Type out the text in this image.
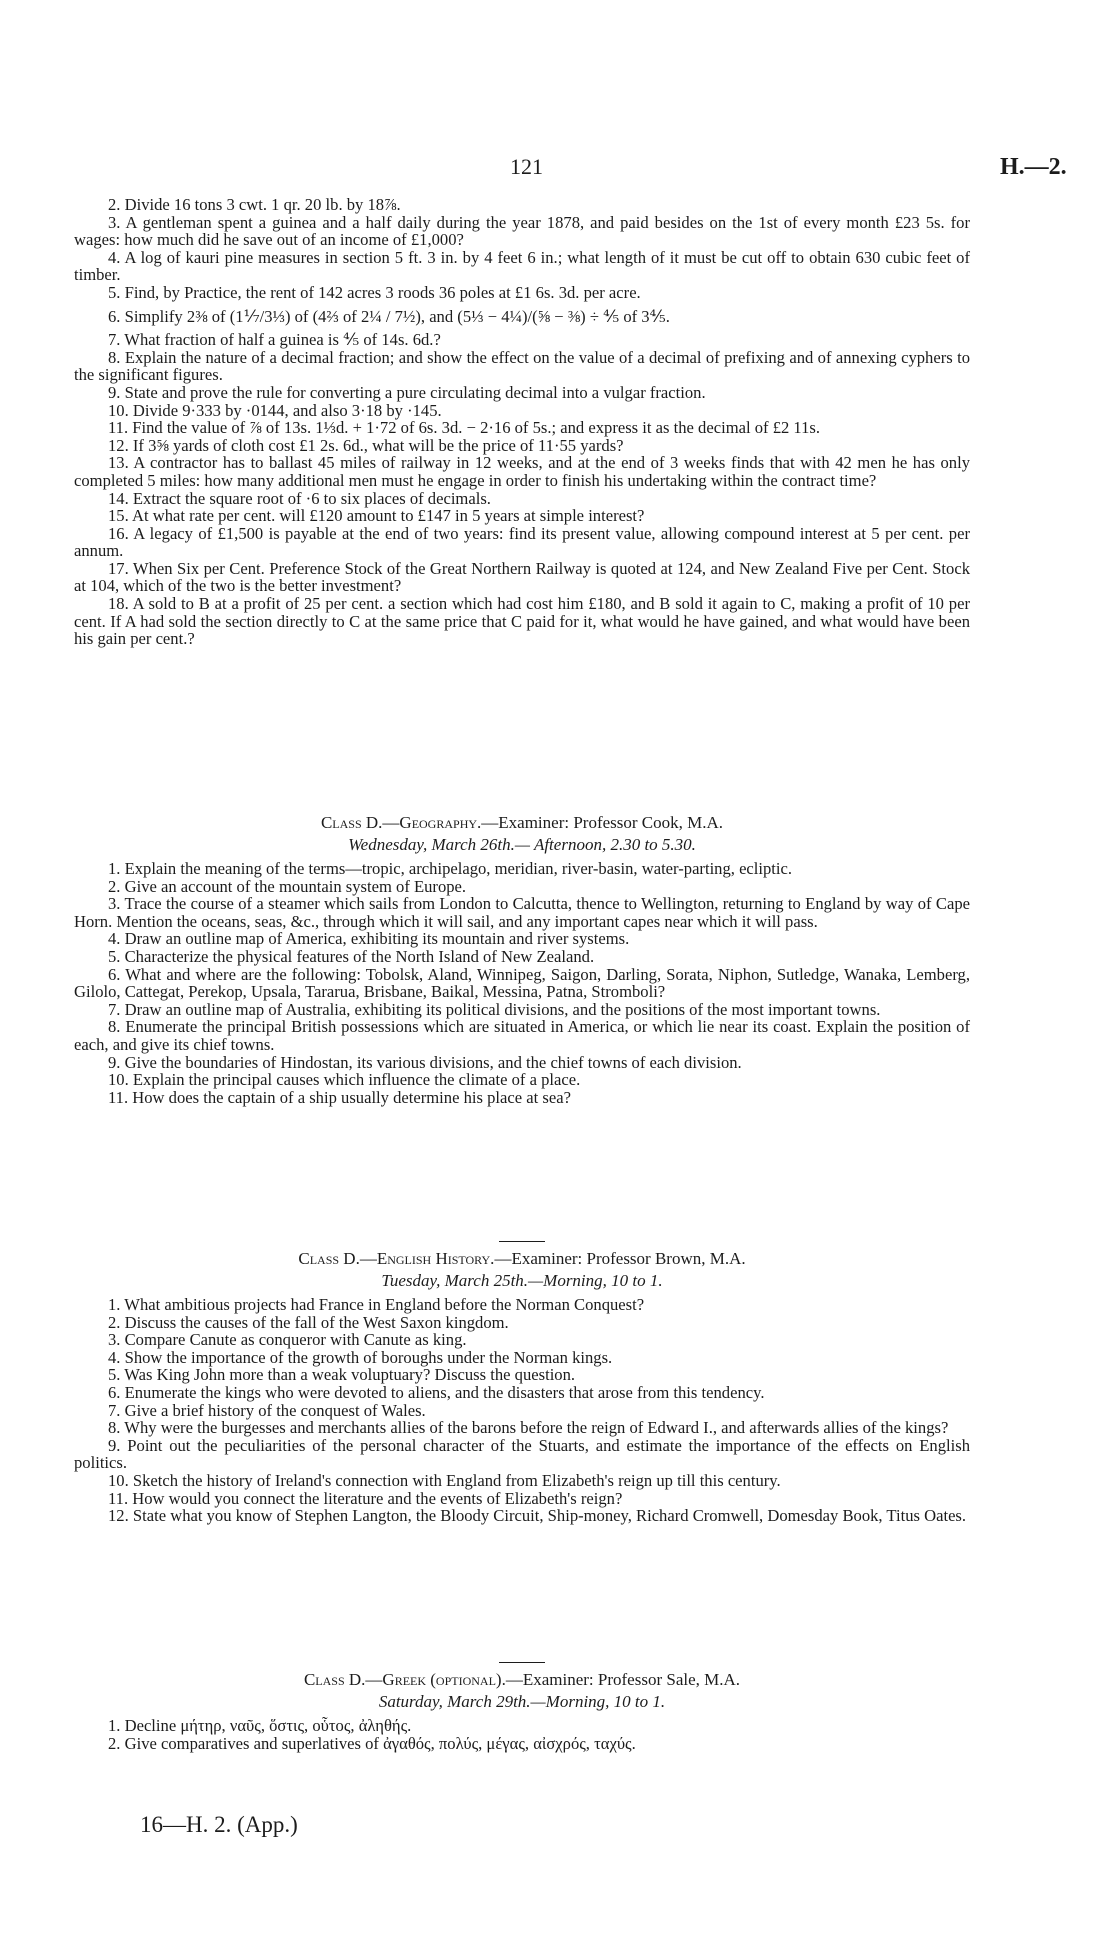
121	H.—2.

2. Divide 16 tons 3 cwt. 1 qr. 20 lb. by 18⅞.

3. A gentleman spent a guinea and a half daily during the year 1878, and paid besides on the 1st of every month £23 5s. for wages: how much did he save out of an income of £1,000?

4. A log of kauri pine measures in section 5 ft. 3 in. by 4 feet 6 in.; what length of it must be cut off to obtain 630 cubic feet of timber.

5. Find, by Practice, the rent of 142 acres 3 roods 36 poles at £1 6s. 3d. per acre.

6. Simplify 2⅜ of (1⅐/3⅓) of (4⅔ of 2¼ / 7½), and (5⅓ − 4¼)/(⅝ − ⅜) ÷ ⅘ of 3⅘.

7. What fraction of half a guinea is ⅘ of 14s. 6d.?

8. Explain the nature of a decimal fraction; and show the effect on the value of a decimal of prefixing and of annexing cyphers to the significant figures.

9. State and prove the rule for converting a pure circulating decimal into a vulgar fraction.

10. Divide 9·333 by ·0144, and also 3·18 by ·145.

11. Find the value of ⅞ of 13s. 1⅓d. + 1·72 of 6s. 3d. − 2·16 of 5s.; and express it as the decimal of £2 11s.

12. If 3⅝ yards of cloth cost £1 2s. 6d., what will be the price of 11·55 yards?

13. A contractor has to ballast 45 miles of railway in 12 weeks, and at the end of 3 weeks finds that with 42 men he has only completed 5 miles: how many additional men must he engage in order to finish his undertaking within the contract time?

14. Extract the square root of ·6 to six places of decimals.

15. At what rate per cent. will £120 amount to £147 in 5 years at simple interest?

16. A legacy of £1,500 is payable at the end of two years: find its present value, allowing compound interest at 5 per cent. per annum.

17. When Six per Cent. Preference Stock of the Great Northern Railway is quoted at 124, and New Zealand Five per Cent. Stock at 104, which of the two is the better investment?

18. A sold to B at a profit of 25 per cent. a section which had cost him £180, and B sold it again to C, making a profit of 10 per cent. If A had sold the section directly to C at the same price that C paid for it, what would he have gained, and what would have been his gain per cent.?

Class D.—Geography.—Examiner: Professor Cook, M.A.

Wednesday, March 26th.— Afternoon, 2.30 to 5.30.

1. Explain the meaning of the terms—tropic, archipelago, meridian, river-basin, water-parting, ecliptic.

2. Give an account of the mountain system of Europe.

3. Trace the course of a steamer which sails from London to Calcutta, thence to Wellington, returning to England by way of Cape Horn. Mention the oceans, seas, &c., through which it will sail, and any important capes near which it will pass.

4. Draw an outline map of America, exhibiting its mountain and river systems.

5. Characterize the physical features of the North Island of New Zealand.

6. What and where are the following: Tobolsk, Aland, Winnipeg, Saigon, Darling, Sorata, Niphon, Sutledge, Wanaka, Lemberg, Gilolo, Cattegat, Perekop, Upsala, Tararua, Brisbane, Baikal, Messina, Patna, Stromboli?

7. Draw an outline map of Australia, exhibiting its political divisions, and the positions of the most important towns.

8. Enumerate the principal British possessions which are situated in America, or which lie near its coast. Explain the position of each, and give its chief towns.

9. Give the boundaries of Hindostan, its various divisions, and the chief towns of each division.

10. Explain the principal causes which influence the climate of a place.

11. How does the captain of a ship usually determine his place at sea?

Class D.—English History.—Examiner: Professor Brown, M.A.

Tuesday, March 25th.—Morning, 10 to 1.

1. What ambitious projects had France in England before the Norman Conquest?

2. Discuss the causes of the fall of the West Saxon kingdom.

3. Compare Canute as conqueror with Canute as king.

4. Show the importance of the growth of boroughs under the Norman kings.

5. Was King John more than a weak voluptuary? Discuss the question.

6. Enumerate the kings who were devoted to aliens, and the disasters that arose from this tendency.

7. Give a brief history of the conquest of Wales.

8. Why were the burgesses and merchants allies of the barons before the reign of Edward I., and afterwards allies of the kings?

9. Point out the peculiarities of the personal character of the Stuarts, and estimate the importance of the effects on English politics.

10. Sketch the history of Ireland's connection with England from Elizabeth's reign up till this century.

11. How would you connect the literature and the events of Elizabeth's reign?

12. State what you know of Stephen Langton, the Bloody Circuit, Ship-money, Richard Cromwell, Domesday Book, Titus Oates.

Class D.—Greek (optional).—Examiner: Professor Sale, M.A.

Saturday, March 29th.—Morning, 10 to 1.

1. Decline μήτηρ, ναῦς, ὅστις, οὗτος, ἀληθής.

2. Give comparatives and superlatives of ἀγαθός, πολύς, μέγας, αἰσχρός, ταχύς.

16—H. 2. (App.)
